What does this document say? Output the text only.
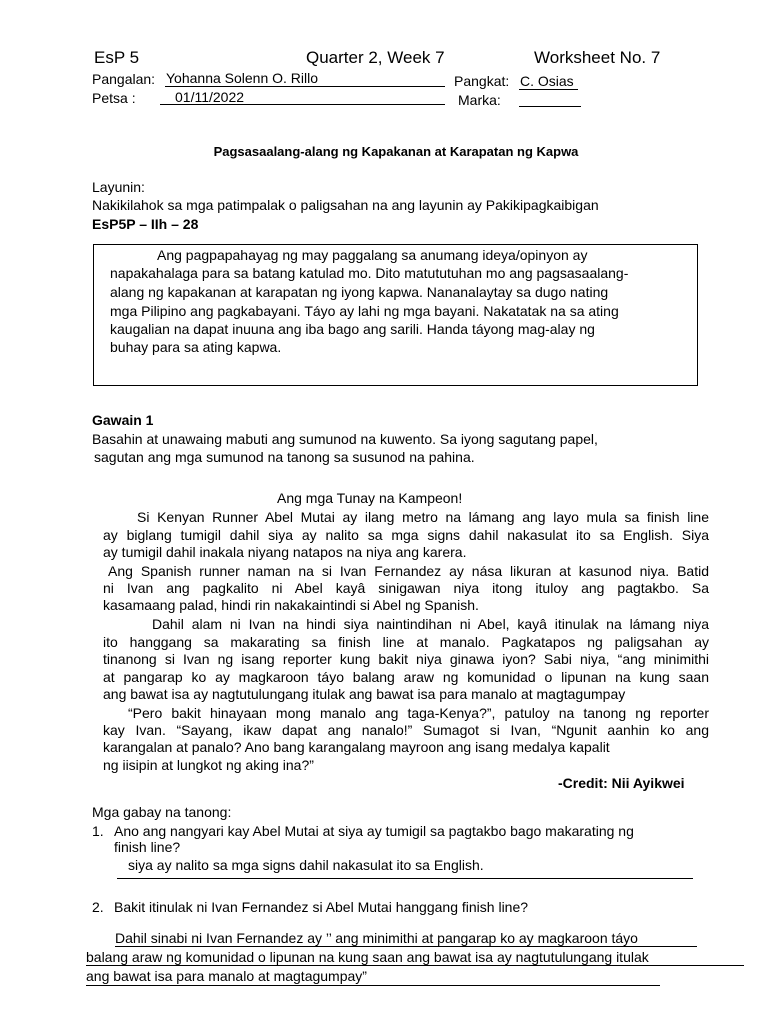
EsP 5	Quarter 2, Week 7	Worksheet No. 7
Pangalan: Yohanna Solenn O. Rillo	Pangkat: C. Osias
Petsa :	01/11/2022	Marka:
Pagsasaalang-alang ng Kapakanan at Karapatan ng Kapwa
Layunin:
Nakikilahok sa mga patimpalak o paligsahan na ang layunin ay Pakikipagkaibigan
EsP5P – IIh – 28
Ang pagpapahayag ng may paggalang sa anumang ideya/opinyon ay
napakahalaga para sa batang katulad mo. Dito matututuhan mo ang pagsasaalang-
alang ng kapakanan at karapatan ng iyong kapwa. Nananalaytay sa dugo nating
mga Pilipino ang pagkabayani. Táyo ay lahi ng mga bayani. Nakatatak na sa ating
kaugalian na dapat inuuna ang iba bago ang sarili. Handa táyong mag-alay ng
buhay para sa ating kapwa.
Gawain 1
Basahin at unawaing mabuti ang sumunod na kuwento. Sa iyong sagutang papel,
sagutan ang mga sumunod na tanong sa susunod na pahina.
Ang mga Tunay na Kampeon!
Si Kenyan Runner Abel Mutai ay ilang metro na lámang ang layo mula sa finish line
ay biglang tumigil dahil siya ay nalito sa mga signs dahil nakasulat ito sa English. Siya
ay tumigil dahil inakala niyang natapos na niya ang karera.
Ang Spanish runner naman na si Ivan Fernandez ay nása likuran at kasunod niya. Batid
ni Ivan ang pagkalito ni Abel kayâ sinigawan niya itong ituloy ang pagtakbo. Sa
kasamaang palad, hindi rin nakakaintindi si Abel ng Spanish.
Dahil alam ni Ivan na hindi siya naintindihan ni Abel, kayâ itinulak na lámang niya
ito hanggang sa makarating sa finish line at manalo. Pagkatapos ng paligsahan ay
tinanong si Ivan ng isang reporter kung bakit niya ginawa iyon? Sabi niya, “ang minimithi
at pangarap ko ay magkaroon táyo balang araw ng komunidad o lipunan na kung saan
ang bawat isa ay nagtutulungang itulak ang bawat isa para manalo at magtagumpay
“Pero bakit hinayaan mong manalo ang taga-Kenya?”, patuloy na tanong ng reporter
kay Ivan. “Sayang, ikaw dapat ang nanalo!” Sumagot si Ivan, “Ngunit aanhin ko ang
karangalan at panalo? Ano bang karangalang mayroon ang isang medalya kapalit
ng iisipin at lungkot ng aking ina?”
-Credit: Nii Ayikwei
Mga gabay na tanong:
1. Ano ang nangyari kay Abel Mutai at siya ay tumigil sa pagtakbo bago makarating ng
finish line?
siya ay nalito sa mga signs dahil nakasulat ito sa English.
2. Bakit itinulak ni Ivan Fernandez si Abel Mutai hanggang finish line?
Dahil sinabi ni Ivan Fernandez ay ’’ ang minimithi at pangarap ko ay magkaroon táyo
balang araw ng komunidad o lipunan na kung saan ang bawat isa ay nagtutulungang itulak
ang bawat isa para manalo at magtagumpay”
